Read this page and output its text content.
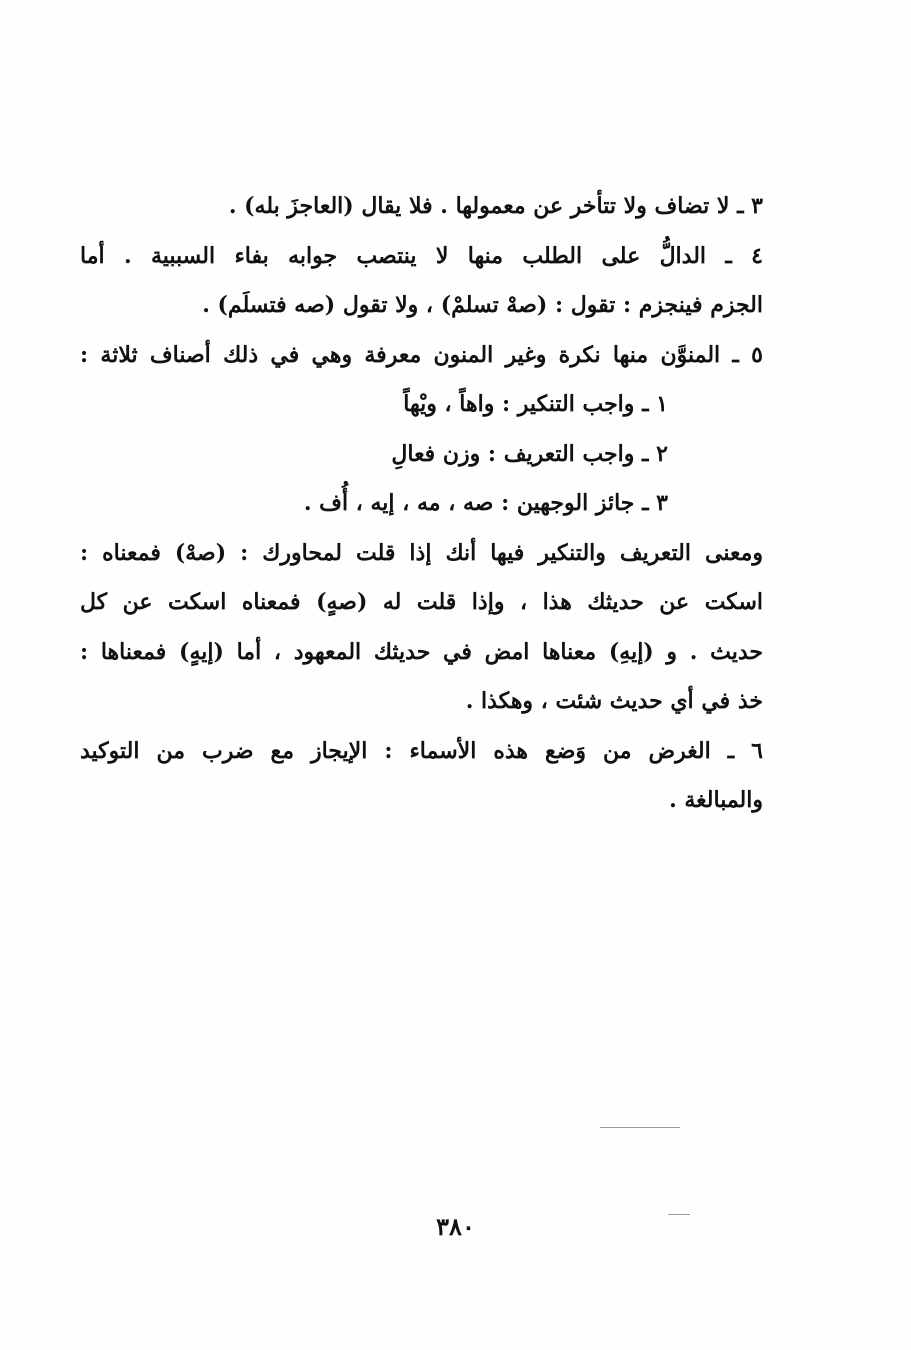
٣ ـ لا تضاف ولا تتأخر عن معمولها . فلا يقال (العاجزَ بله) .
٤ ـ الدالُّ على الطلب منها لا ينتصب جوابه بفاء السببية . أما
الجزم فينجزم : تقول : (صهْ تسلمْ) ، ولا تقول (صه فتسلَم) .
٥ ـ المنوَّن منها نكرة وغير المنون معرفة وهي في ذلك أصناف ثلاثة :
١ ـ واجب التنكير : واهاً ، ويْهاً
٢ ـ واجب التعريف : وزن فعالِ
٣ ـ جائز الوجهين : صه ، مه ، إيه ، أُف .
ومعنى التعريف والتنكير فيها أنك إذا قلت لمحاورك : (صهْ) فمعناه :
اسكت عن حديثك هذا ، وإذا قلت له (صهٍ) فمعناه اسكت عن كل
حديث . و (إيهِ) معناها امض في حديثك المعهود ، أما (إيهٍ) فمعناها :
خذ في أي حديث شئت ، وهكذا .
٦ ـ الغرض من وَضع هذه الأسماء : الإيجاز مع ضرب من التوكيد
والمبالغة .
٣٨٠
